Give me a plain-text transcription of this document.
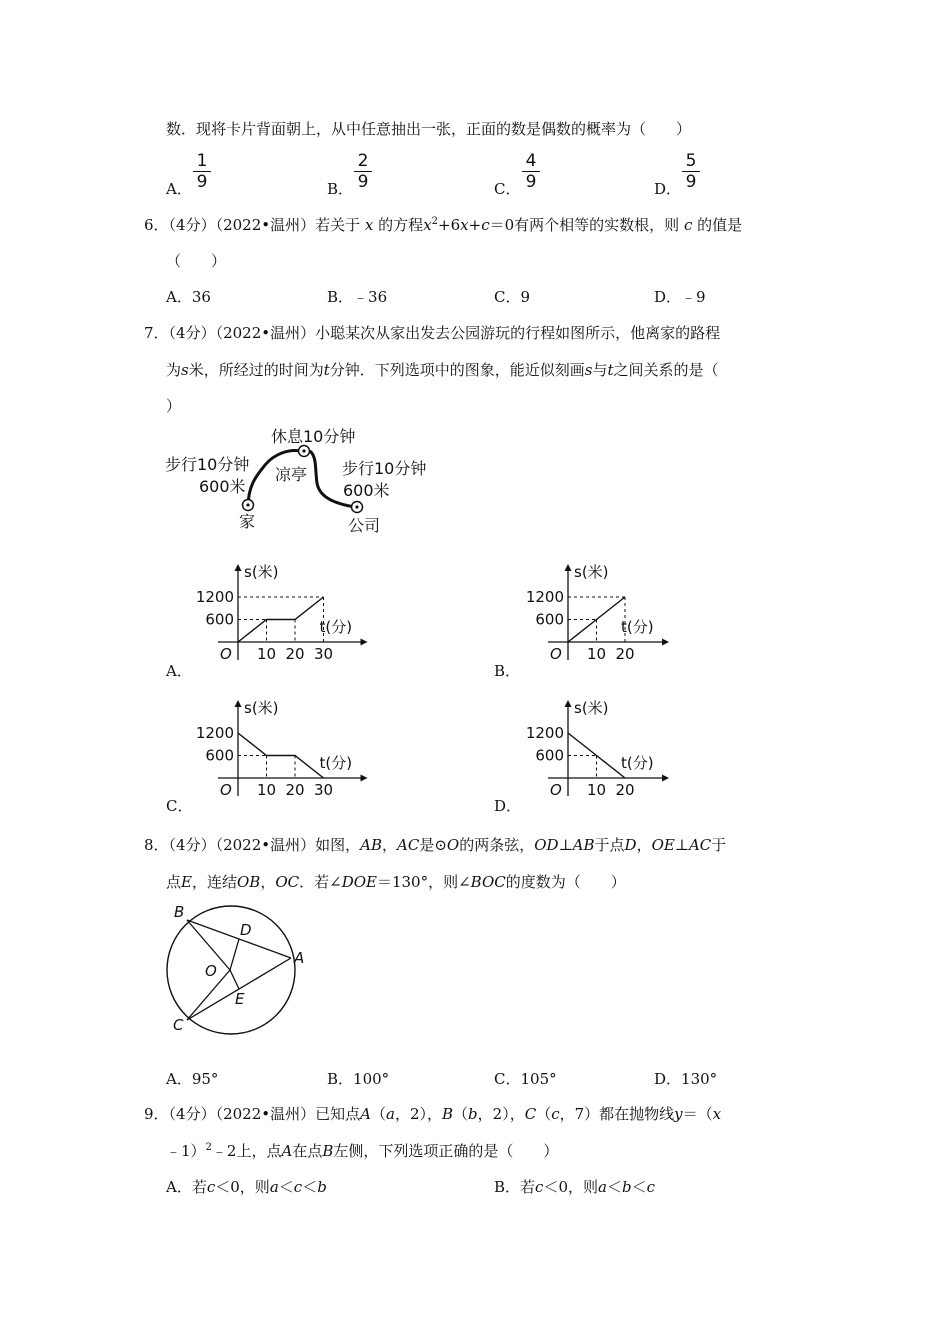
数．现将卡片背面朝上，从中任意抽出一张，正面的数是偶数的概率为（　　）
A．
1
9	B．
2
9	C．
4
9	D．
5
9
6．（4分）（2022•温州）若关于 x 的方程$x^2+6x+c=0$有两个相等的实数根，则 c 的值是
（　　）
A．36	B．﹣36	C．9	D．﹣9
7．（4分）（2022•温州）小聪某次从家出发去公园游玩的行程如图所示，他离家的路程
为s米，所经过的时间为t分钟．下列选项中的图象，能近似刻画s与t之间关系的是（
）
休息10分钟
步行10分钟
600米
凉亭 步行10分钟
600米
家	公司
A．	B．
C．	D．
s(米)
t(分)
O
1200
600
10 20 30
s(米)
t(分)
O
1200
600
10 20
s(米)
t(分)
O
1200
600
10 20 30
s(米)
t(分)
O
1200
600
10 20
8．（4分）（2022•温州）如图，AB，AC是⊙O的两条弦，OD⊥AB于点D，OE⊥AC于
点E，连结OB，OC．若∠DOE＝130°，则∠BOC的度数为（　　）
B
D
O
A
E
C
A．95°	B．100°	C．105°	D．130°
9．（4分）（2022•温州）已知点A（a，2），B（b，2），C（c，7）都在抛物线y＝（x
﹣1）$^2$﹣2上，点A在点B左侧，下列选项正确的是（　　）
A．若c＜0，则a＜c＜b	B．若c＜0，则a＜b＜c
